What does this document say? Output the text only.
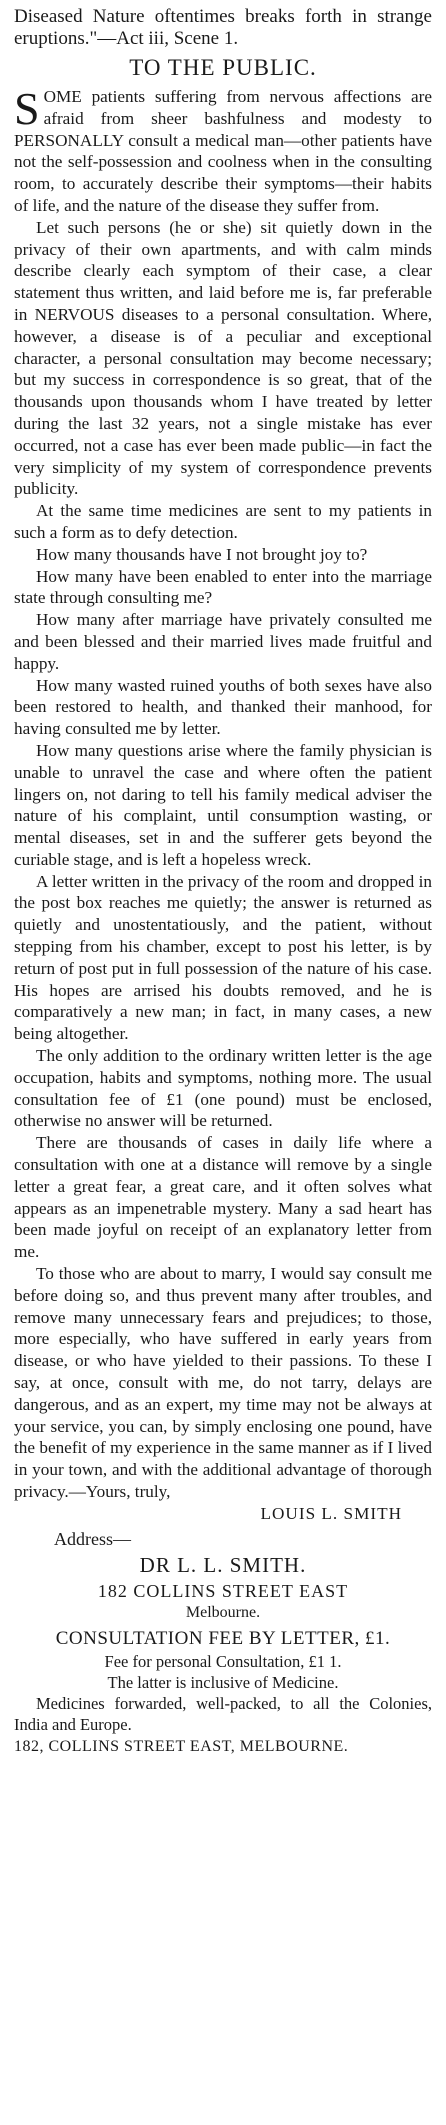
Diseased Nature oftentimes breaks forth in strange eruptions."—Act iii, Scene 1.

TO THE PUBLIC.

SOME patients suffering from nervous affections are afraid from sheer bashfulness and modesty to PERSONALLY consult a medical man—other patients have not the self-possession and coolness when in the consulting room, to accurately describe their symptoms—their habits of life, and the nature of the disease they suffer from.

Let such persons (he or she) sit quietly down in the privacy of their own apartments, and with calm minds describe clearly each symptom of their case, a clear statement thus written, and laid before me is, far preferable in NERVOUS diseases to a personal consultation. Where, however, a disease is of a peculiar and exceptional character, a personal consultation may become necessary; but my success in correspondence is so great, that of the thousands upon thousands whom I have treated by letter during the last 32 years, not a single mistake has ever occurred, not a case has ever been made public—in fact the very simplicity of my system of correspondence prevents publicity.

At the same time medicines are sent to my patients in such a form as to defy detection.

How many thousands have I not brought joy to?

How many have been enabled to enter into the marriage state through consulting me?

How many after marriage have privately consulted me and been blessed and their married lives made fruitful and happy.

How many wasted ruined youths of both sexes have also been restored to health, and thanked their manhood, for having consulted me by letter.

How many questions arise where the family physician is unable to unravel the case and where often the patient lingers on, not daring to tell his family medical adviser the nature of his complaint, until consumption wasting, or mental diseases, set in and the sufferer gets beyond the curiable stage, and is left a hopeless wreck.

A letter written in the privacy of the room and dropped in the post box reaches me quietly; the answer is returned as quietly and unostentatiously, and the patient, without stepping from his chamber, except to post his letter, is by return of post put in full possession of the nature of his case. His hopes are arrised his doubts removed, and he is comparatively a new man; in fact, in many cases, a new being altogether.

The only addition to the ordinary written letter is the age occupation, habits and symptoms, nothing more. The usual consultation fee of £1 (one pound) must be enclosed, otherwise no answer will be returned.

There are thousands of cases in daily life where a consultation with one at a distance will remove by a single letter a great fear, a great care, and it often solves what appears as an impenetrable mystery. Many a sad heart has been made joyful on receipt of an explanatory letter from me.

To those who are about to marry, I would say consult me before doing so, and thus prevent many after troubles, and remove many unnecessary fears and prejudices; to those, more especially, who have suffered in early years from disease, or who have yielded to their passions. To these I say, at once, consult with me, do not tarry, delays are dangerous, and as an expert, my time may not be always at your service, you can, by simply enclosing one pound, have the benefit of my experience in the same manner as if I lived in your town, and with the additional advantage of thorough privacy.—Yours, truly,

LOUIS L. SMITH
Address—
DR L. L. SMITH.
182 COLLINS STREET EAST
Melbourne.
CONSULTATION FEE BY LETTER, £1.
Fee for personal Consultation, £1 1.
The latter is inclusive of Medicine.

Medicines forwarded, well-packed, to all the Colonies, India and Europe.

182, COLLINS STREET EAST, MELBOURNE.
